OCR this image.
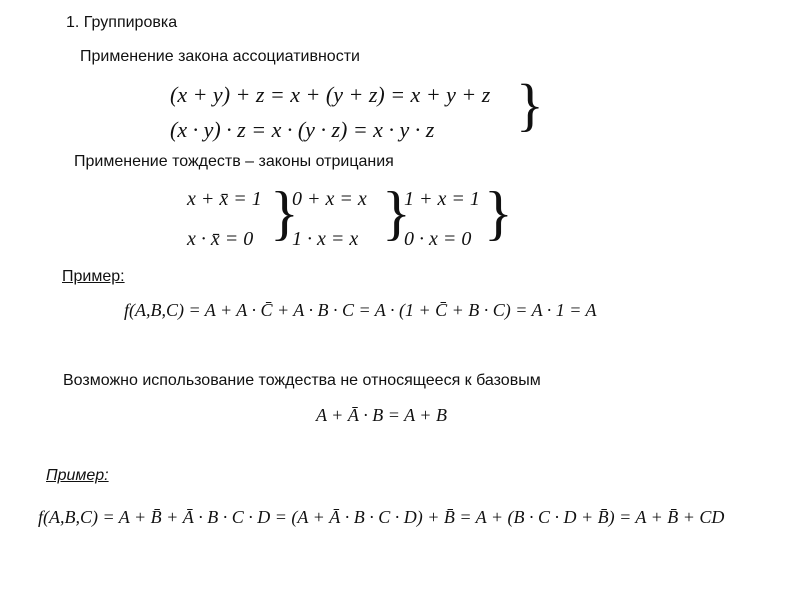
1. Группировка
Применение закона ассоциативности
(x + y) + z = x + (y + z) = x + y + z
(x · y) · z = x · (y · z) = x · y · z }
Применение тождеств – законы отрицания
x + x̄ = 1
x · x̄ = 0 }
0 + x = x
1 · x = x }
1 + x = 1
0 · x = 0 }
Пример:
f(A,B,C) = A + A · C̄ + A · B · C = A · (1 + C̄ + B · C) = A · 1 = A
Возможно использование тождества не относящееся к базовым
A + Ā · B = A + B
Пример:
f(A,B,C) = A + B̄ + Ā · B · C · D = (A + Ā · B · C · D) + B̄ = A + (B · C · D + B̄) = A + B̄ + CD
